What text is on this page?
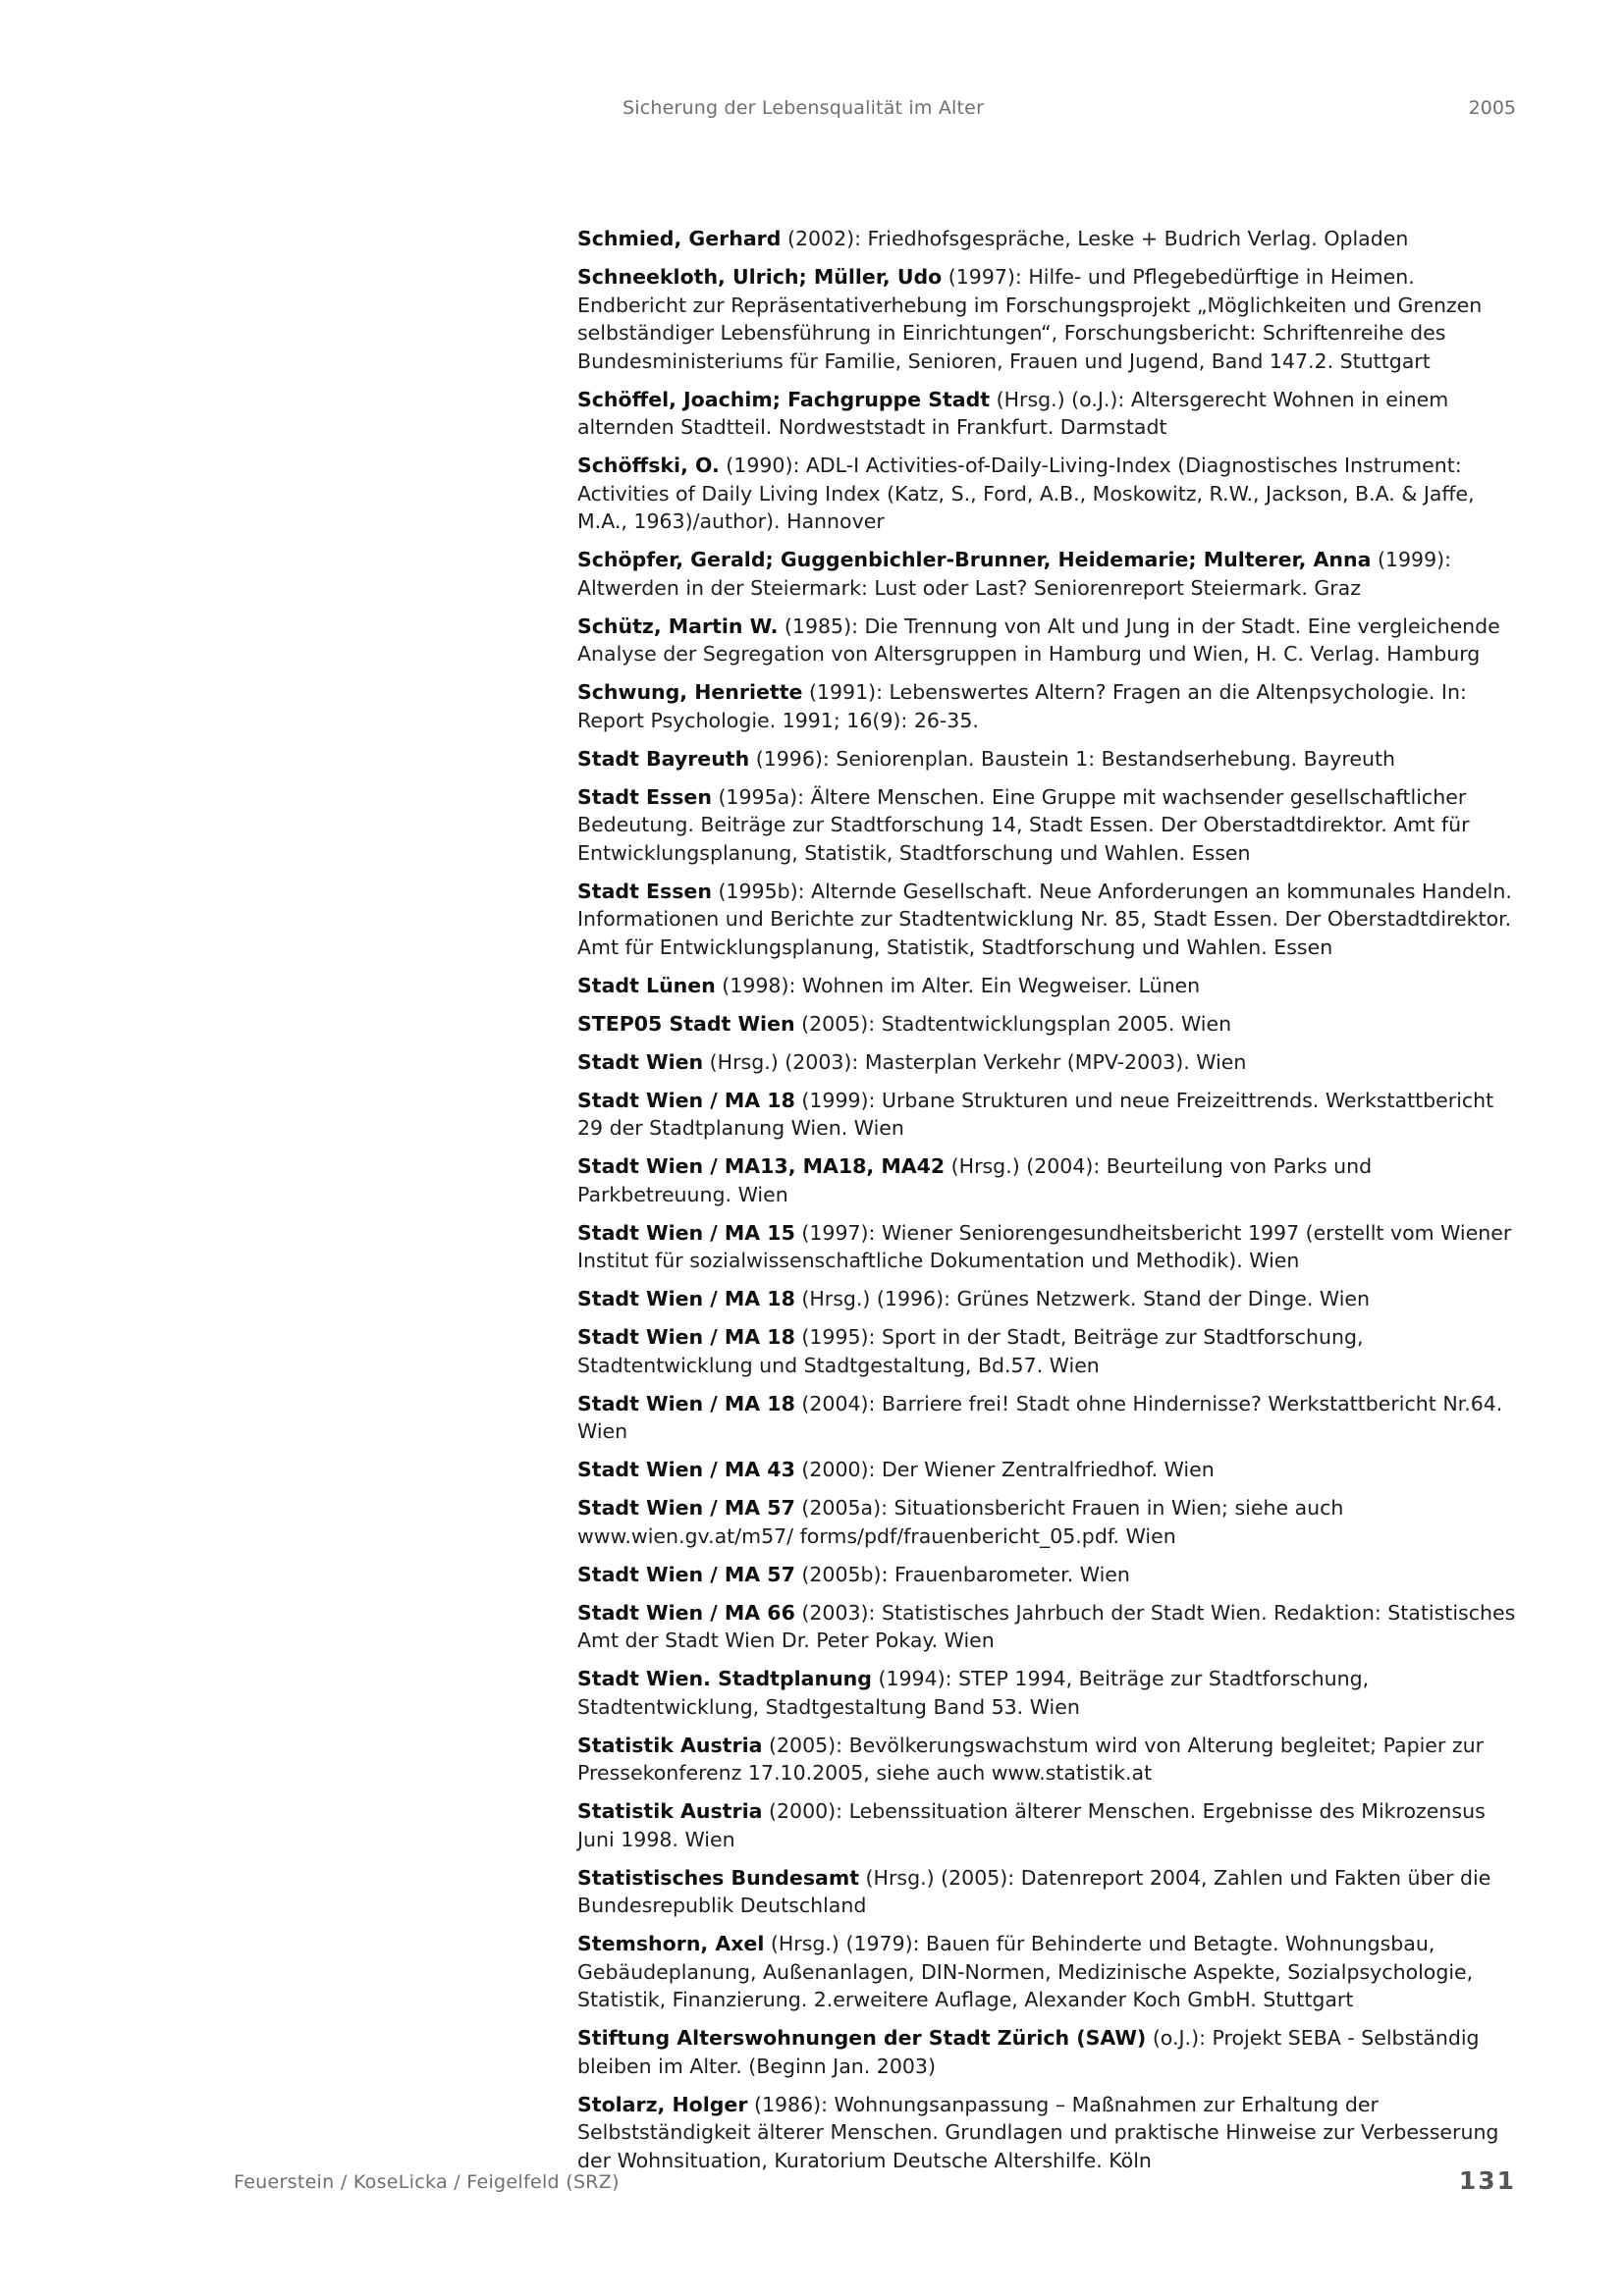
Sicherung der Lebensqualität im Alter	2005

Schmied, Gerhard (2002): Friedhofsgespräche, Leske + Budrich Verlag. Opladen

Schneekloth, Ulrich; Müller, Udo (1997): Hilfe- und Pflegebedürftige in Heimen. Endbericht zur Repräsentativerhebung im Forschungsprojekt „Möglichkeiten und Grenzen selbständiger Lebensführung in Einrichtungen“, Forschungsbericht: Schriftenreihe des Bundesministeriums für Familie, Senioren, Frauen und Jugend, Band 147.2. Stuttgart

Schöffel, Joachim; Fachgruppe Stadt (Hrsg.) (o.J.): Altersgerecht Wohnen in einem alternden Stadtteil. Nordweststadt in Frankfurt. Darmstadt

Schöffski, O. (1990): ADL-I Activities-of-Daily-Living-Index (Diagnostisches Instrument: Activities of Daily Living Index (Katz, S., Ford, A.B., Moskowitz, R.W., Jackson, B.A. & Jaffe, M.A., 1963)/author). Hannover

Schöpfer, Gerald; Guggenbichler-Brunner, Heidemarie; Multerer, Anna (1999): Altwerden in der Steiermark: Lust oder Last? Seniorenreport Steiermark. Graz

Schütz, Martin W. (1985): Die Trennung von Alt und Jung in der Stadt. Eine vergleichende Analyse der Segregation von Altersgruppen in Hamburg und Wien, H. C. Verlag. Hamburg

Schwung, Henriette (1991): Lebenswertes Altern? Fragen an die Altenpsychologie. In: Report Psychologie. 1991; 16(9): 26-35.

Stadt Bayreuth (1996): Seniorenplan. Baustein 1: Bestandserhebung. Bayreuth

Stadt Essen (1995a): Ältere Menschen. Eine Gruppe mit wachsender gesellschaftlicher Bedeutung. Beiträge zur Stadtforschung 14, Stadt Essen. Der Oberstadtdirektor. Amt für Entwicklungsplanung, Statistik, Stadtforschung und Wahlen. Essen

Stadt Essen (1995b): Alternde Gesellschaft. Neue Anforderungen an kommunales Handeln. Informationen und Berichte zur Stadtentwicklung Nr. 85, Stadt Essen. Der Oberstadtdirektor. Amt für Entwicklungsplanung, Statistik, Stadtforschung und Wahlen. Essen

Stadt Lünen (1998): Wohnen im Alter. Ein Wegweiser. Lünen

STEP05 Stadt Wien (2005): Stadtentwicklungsplan 2005. Wien

Stadt Wien (Hrsg.) (2003): Masterplan Verkehr (MPV-2003). Wien

Stadt Wien / MA 18 (1999): Urbane Strukturen und neue Freizeittrends. Werkstattbericht 29 der Stadtplanung Wien. Wien

Stadt Wien / MA13, MA18, MA42 (Hrsg.) (2004): Beurteilung von Parks und Parkbetreuung. Wien

Stadt Wien / MA 15 (1997): Wiener Seniorengesundheitsbericht 1997 (erstellt vom Wiener Institut für sozialwissenschaftliche Dokumentation und Methodik). Wien

Stadt Wien / MA 18 (Hrsg.) (1996): Grünes Netzwerk. Stand der Dinge. Wien

Stadt Wien / MA 18 (1995): Sport in der Stadt, Beiträge zur Stadtforschung, Stadtentwicklung und Stadtgestaltung, Bd.57. Wien

Stadt Wien / MA 18 (2004): Barriere frei! Stadt ohne Hindernisse? Werkstattbericht Nr.64. Wien

Stadt Wien / MA 43 (2000): Der Wiener Zentralfriedhof. Wien

Stadt Wien / MA 57 (2005a): Situationsbericht Frauen in Wien; siehe auch www.wien.gv.at/m57/ forms/pdf/frauenbericht_05.pdf. Wien

Stadt Wien / MA 57 (2005b): Frauenbarometer. Wien

Stadt Wien / MA 66 (2003): Statistisches Jahrbuch der Stadt Wien. Redaktion: Statistisches Amt der Stadt Wien Dr. Peter Pokay. Wien

Stadt Wien. Stadtplanung (1994): STEP 1994, Beiträge zur Stadtforschung, Stadtentwicklung, Stadtgestaltung Band 53. Wien

Statistik Austria (2005): Bevölkerungswachstum wird von Alterung begleitet; Papier zur Pressekonferenz 17.10.2005, siehe auch www.statistik.at

Statistik Austria (2000): Lebenssituation älterer Menschen. Ergebnisse des Mikrozensus Juni 1998. Wien

Statistisches Bundesamt (Hrsg.) (2005): Datenreport 2004, Zahlen und Fakten über die Bundesrepublik Deutschland

Stemshorn, Axel (Hrsg.) (1979): Bauen für Behinderte und Betagte. Wohnungsbau, Gebäudeplanung, Außenanlagen, DIN-Normen, Medizinische Aspekte, Sozialpsychologie, Statistik, Finanzierung. 2.erweitere Auflage, Alexander Koch GmbH. Stuttgart

Stiftung Alterswohnungen der Stadt Zürich (SAW) (o.J.): Projekt SEBA - Selbständig bleiben im Alter. (Beginn Jan. 2003)

Stolarz, Holger (1986): Wohnungsanpassung – Maßnahmen zur Erhaltung der Selbstständigkeit älterer Menschen. Grundlagen und praktische Hinweise zur Verbesserung der Wohnsituation, Kuratorium Deutsche Altershilfe. Köln

Feuerstein / KoseLicka / Feigelfeld (SRZ)	131
